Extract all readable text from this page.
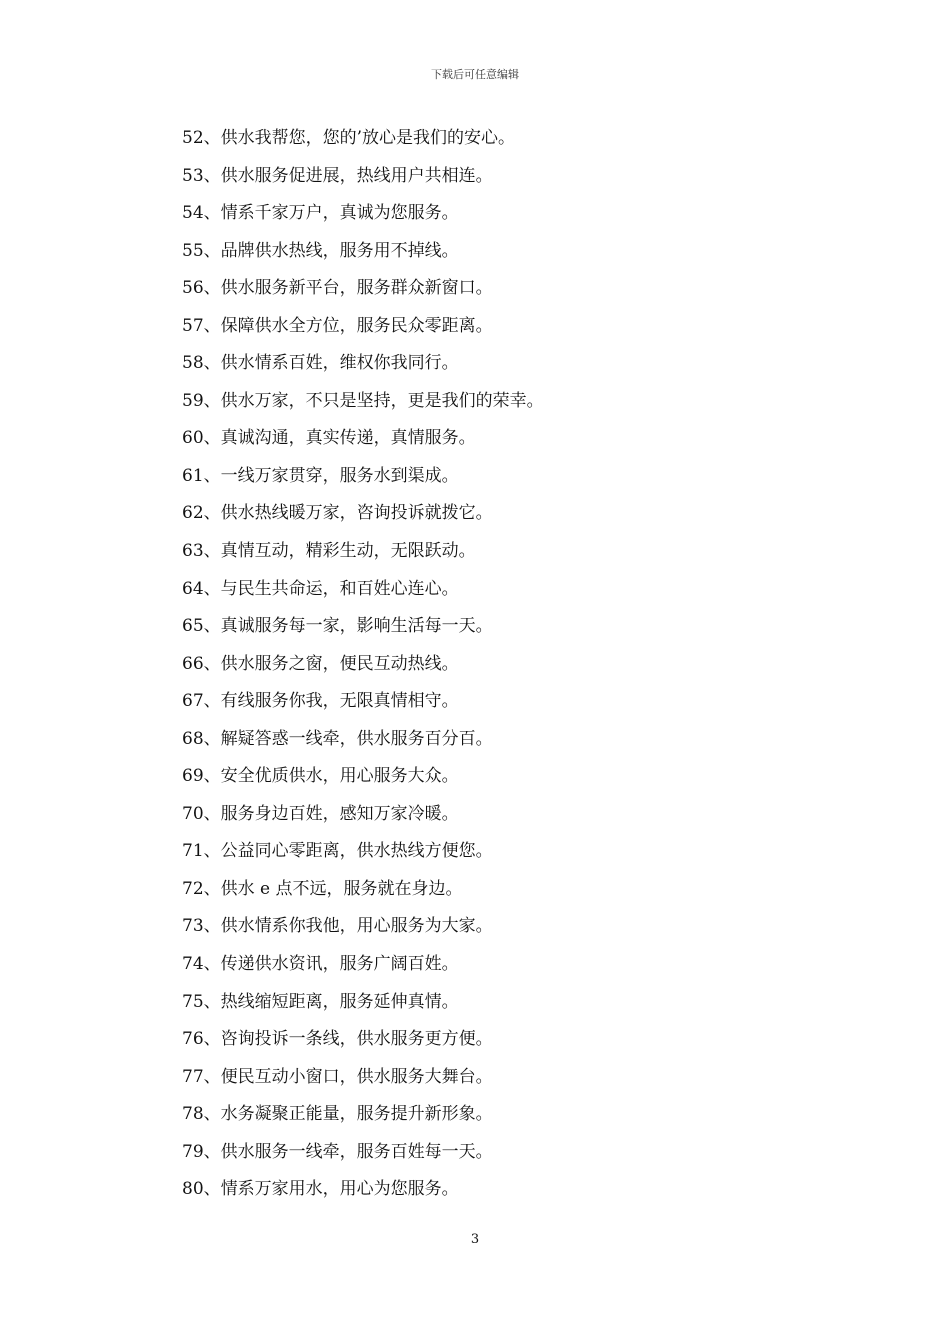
下载后可任意编辑
52、供水我帮您，您的’放心是我们的安心。
53、供水服务促进展，热线用户共相连。
54、情系千家万户，真诚为您服务。
55、品牌供水热线，服务用不掉线。
56、供水服务新平台，服务群众新窗口。
57、保障供水全方位，服务民众零距离。
58、供水情系百姓，维权你我同行。
59、供水万家，不只是坚持，更是我们的荣幸。
60、真诚沟通，真实传递，真情服务。
61、一线万家贯穿，服务水到渠成。
62、供水热线暖万家，咨询投诉就拨它。
63、真情互动，精彩生动，无限跃动。
64、与民生共命运，和百姓心连心。
65、真诚服务每一家，影响生活每一天。
66、供水服务之窗，便民互动热线。
67、有线服务你我，无限真情相守。
68、解疑答惑一线牵，供水服务百分百。
69、安全优质供水，用心服务大众。
70、服务身边百姓，感知万家冷暖。
71、公益同心零距离，供水热线方便您。
72、供水 e 点不远，服务就在身边。
73、供水情系你我他，用心服务为大家。
74、传递供水资讯，服务广阔百姓。
75、热线缩短距离，服务延伸真情。
76、咨询投诉一条线，供水服务更方便。
77、便民互动小窗口，供水服务大舞台。
78、水务凝聚正能量，服务提升新形象。
79、供水服务一线牵，服务百姓每一天。
80、情系万家用水，用心为您服务。
3
